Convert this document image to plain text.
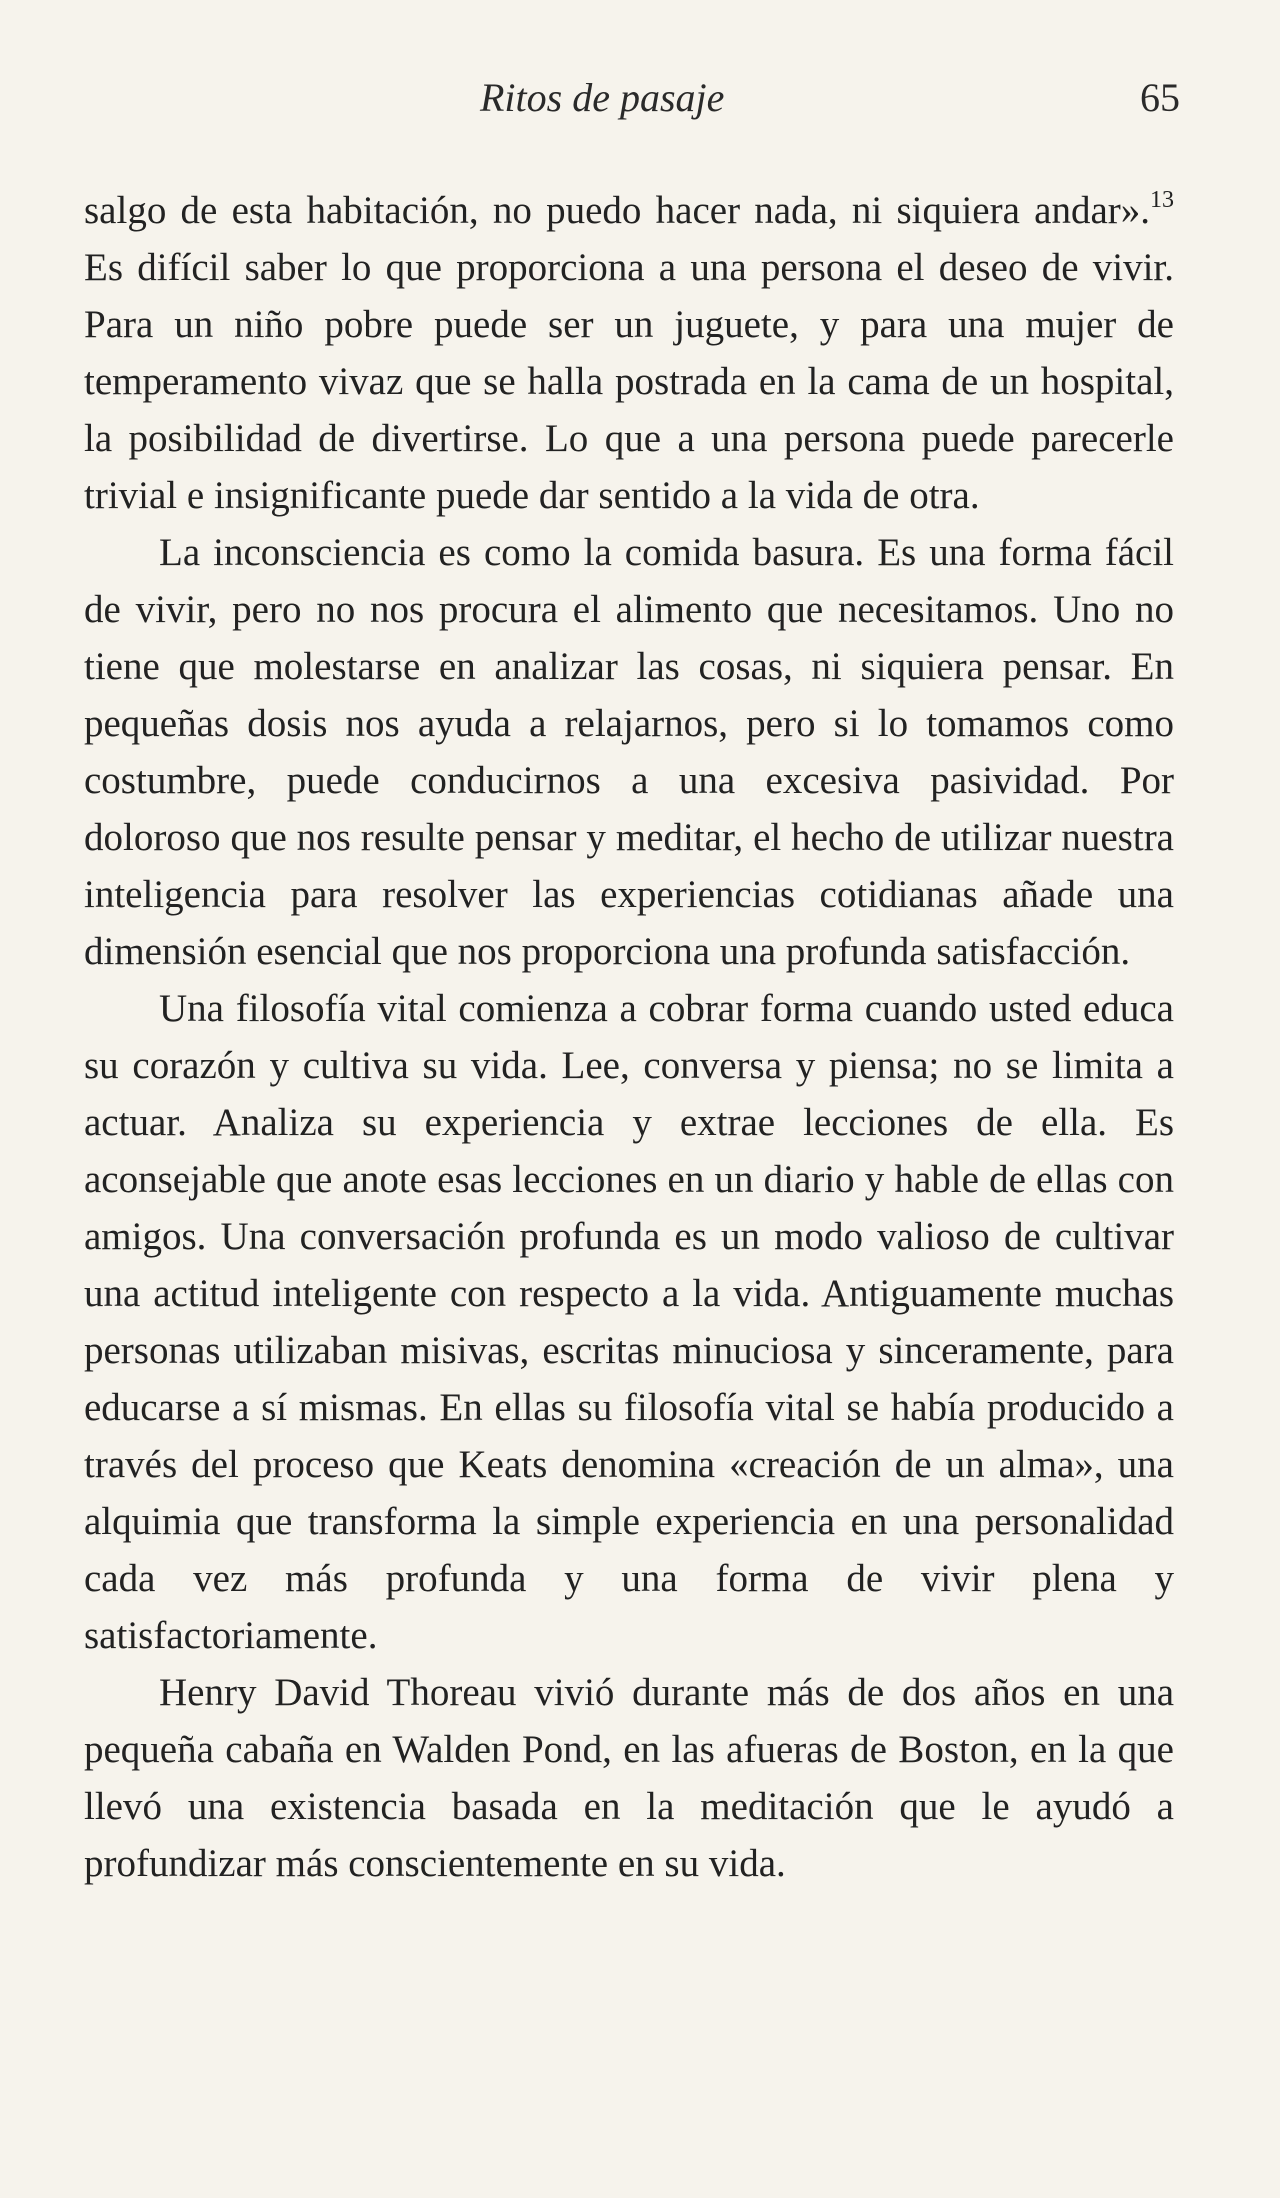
Ritos de pasaje	65

salgo de esta habitación, no puedo hacer nada, ni siquiera andar».$^{13}$ Es difícil saber lo que proporciona a una persona el deseo de vivir. Para un niño pobre puede ser un juguete, y para una mujer de temperamento vivaz que se halla postrada en la cama de un hospital, la posibilidad de divertirse. Lo que a una persona puede parecerle trivial e insignificante puede dar sentido a la vida de otra.

La inconsciencia es como la comida basura. Es una forma fácil de vivir, pero no nos procura el alimento que necesitamos. Uno no tiene que molestarse en analizar las cosas, ni siquiera pensar. En pequeñas dosis nos ayuda a relajarnos, pero si lo tomamos como costumbre, puede conducirnos a una excesiva pasividad. Por doloroso que nos resulte pensar y meditar, el hecho de utilizar nuestra inteligencia para resolver las experiencias cotidianas añade una dimensión esencial que nos proporciona una profunda satisfacción.

Una filosofía vital comienza a cobrar forma cuando usted educa su corazón y cultiva su vida. Lee, conversa y piensa; no se limita a actuar. Analiza su experiencia y extrae lecciones de ella. Es aconsejable que anote esas lecciones en un diario y hable de ellas con amigos. Una conversación profunda es un modo valioso de cultivar una actitud inteligente con respecto a la vida. Antiguamente muchas personas utilizaban misivas, escritas minuciosa y sinceramente, para educarse a sí mismas. En ellas su filosofía vital se había producido a través del proceso que Keats denomina «creación de un alma», una alquimia que transforma la simple experiencia en una personalidad cada vez más profunda y una forma de vivir plena y satisfactoriamente.

Henry David Thoreau vivió durante más de dos años en una pequeña cabaña en Walden Pond, en las afueras de Boston, en la que llevó una existencia basada en la meditación que le ayudó a profundizar más conscientemente en su vida.
